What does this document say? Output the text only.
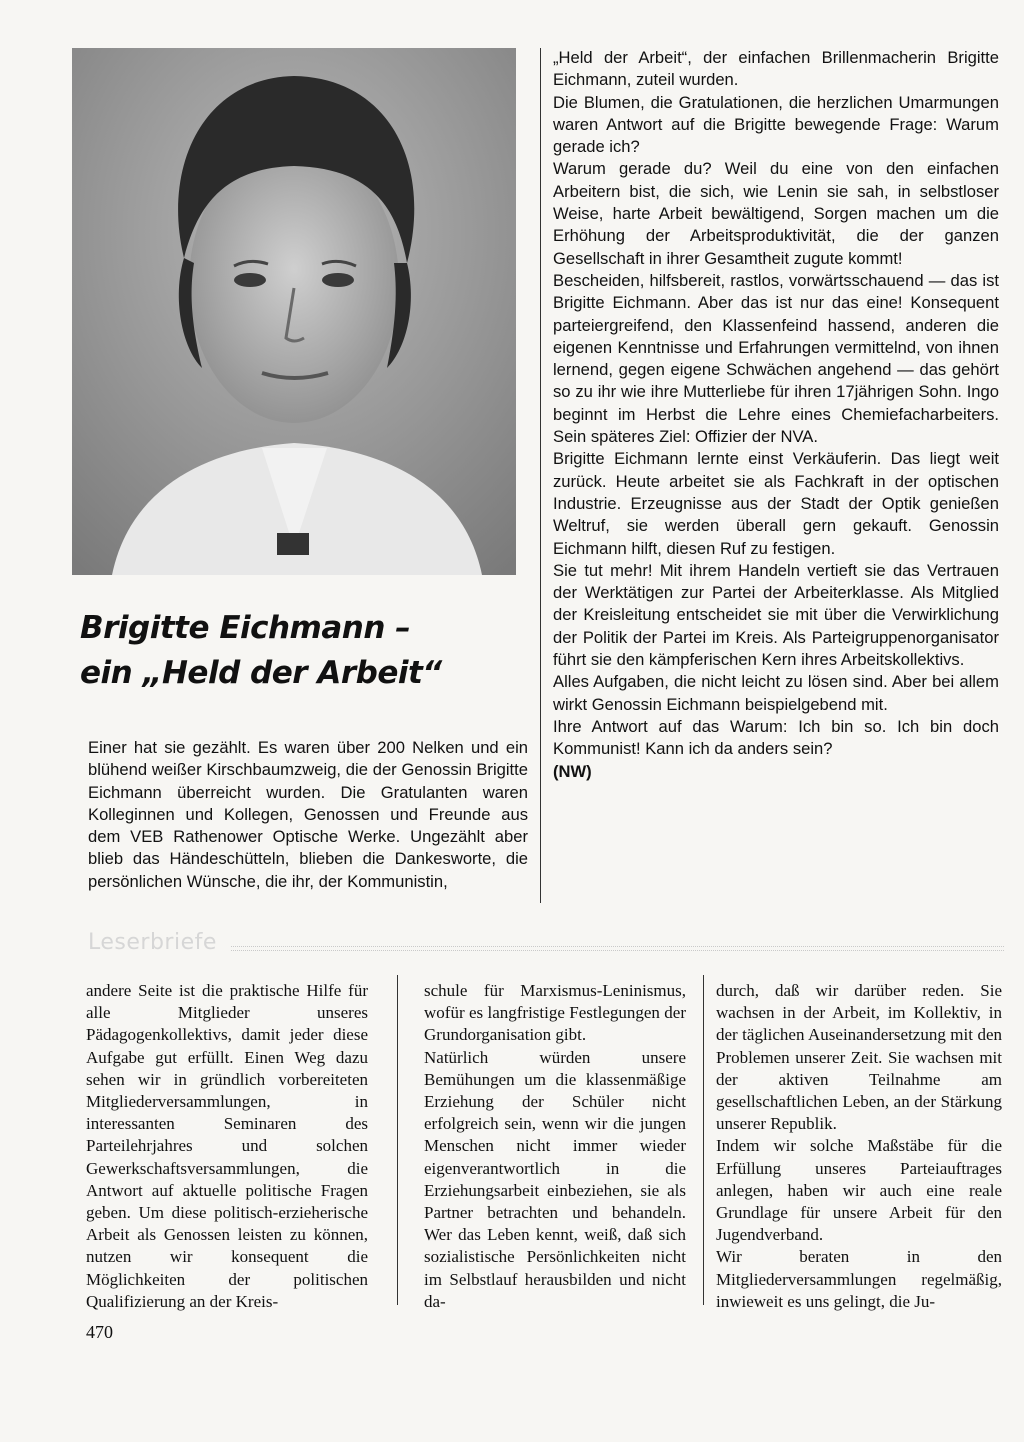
Brigitte Eichmann –
ein „Held der Arbeit“
Einer hat sie gezählt. Es waren über 200 Nelken und ein blühend weißer Kirschbaumzweig, die der Genossin Brigitte Eichmann überreicht wurden. Die Gratulanten waren Kolleginnen und Kollegen, Genossen und Freunde aus dem VEB Rathenower Optische Werke. Ungezählt aber blieb das Händeschütteln, blieben die Dankesworte, die persönlichen Wünsche, die ihr, der Kommunistin,

„Held der Arbeit“, der einfachen Brillenmacherin Brigitte Eichmann, zuteil wurden.

Die Blumen, die Gratulationen, die herzlichen Umarmungen waren Antwort auf die Brigitte bewegende Frage: Warum gerade ich?

Warum gerade du? Weil du eine von den einfachen Arbeitern bist, die sich, wie Lenin sie sah, in selbstloser Weise, harte Arbeit bewältigend, Sorgen machen um die Erhöhung der Arbeitsproduktivität, die der ganzen Gesellschaft in ihrer Gesamtheit zugute kommt!

Bescheiden, hilfsbereit, rastlos, vorwärtsschauend — das ist Brigitte Eichmann. Aber das ist nur das eine! Konsequent parteiergreifend, den Klassenfeind hassend, anderen die eigenen Kenntnisse und Erfahrungen vermittelnd, von ihnen lernend, gegen eigene Schwächen angehend — das gehört so zu ihr wie ihre Mutterliebe für ihren 17jährigen Sohn. Ingo beginnt im Herbst die Lehre eines Chemiefacharbeiters. Sein späteres Ziel: Offizier der NVA.

Brigitte Eichmann lernte einst Verkäuferin. Das liegt weit zurück. Heute arbeitet sie als Fachkraft in der optischen Industrie. Erzeugnisse aus der Stadt der Optik genießen Weltruf, sie werden überall gern gekauft. Genossin Eichmann hilft, diesen Ruf zu festigen.

Sie tut mehr! Mit ihrem Handeln vertieft sie das Vertrauen der Werktätigen zur Partei der Arbeiterklasse. Als Mitglied der Kreisleitung entscheidet sie mit über die Verwirklichung der Politik der Partei im Kreis. Als Parteigruppenorganisator führt sie den kämpferischen Kern ihres Arbeitskollektivs.

Alles Aufgaben, die nicht leicht zu lösen sind. Aber bei allem wirkt Genossin Eichmann beispielgebend mit.

Ihre Antwort auf das Warum: Ich bin so. Ich bin doch Kommunist! Kann ich da anders sein?

(NW)

Leserbriefe

andere Seite ist die praktische Hilfe für alle Mitglieder unseres Pädagogenkollektivs, damit jeder diese Aufgabe gut erfüllt. Einen Weg dazu sehen wir in gründlich vorbereiteten Mitgliederversammlungen, in interessanten Seminaren des Parteilehrjahres und solchen Gewerkschaftsversammlungen, die Antwort auf aktuelle politische Fragen geben. Um diese politisch-erzieherische Arbeit als Genossen leisten zu können, nutzen wir konsequent die Möglichkeiten der politischen Qualifizierung an der Kreis-

schule für Marxismus-Leninismus, wofür es langfristige Festlegungen der Grundorganisation gibt.

Natürlich würden unsere Bemühungen um die klassenmäßige Erziehung der Schüler nicht erfolgreich sein, wenn wir die jungen Menschen nicht immer wieder eigenverantwortlich in die Erziehungsarbeit einbeziehen, sie als Partner betrachten und behandeln. Wer das Leben kennt, weiß, daß sich sozialistische Persönlichkeiten nicht im Selbstlauf herausbilden und nicht da-

durch, daß wir darüber reden. Sie wachsen in der Arbeit, im Kollektiv, in der täglichen Auseinandersetzung mit den Problemen unserer Zeit. Sie wachsen mit der aktiven Teilnahme am gesellschaftlichen Leben, an der Stärkung unserer Republik.

Indem wir solche Maßstäbe für die Erfüllung unseres Parteiauftrages anlegen, haben wir auch eine reale Grundlage für unsere Arbeit für den Jugendverband.

Wir beraten in den Mitgliederversammlungen regelmäßig, inwieweit es uns gelingt, die Ju-

470
